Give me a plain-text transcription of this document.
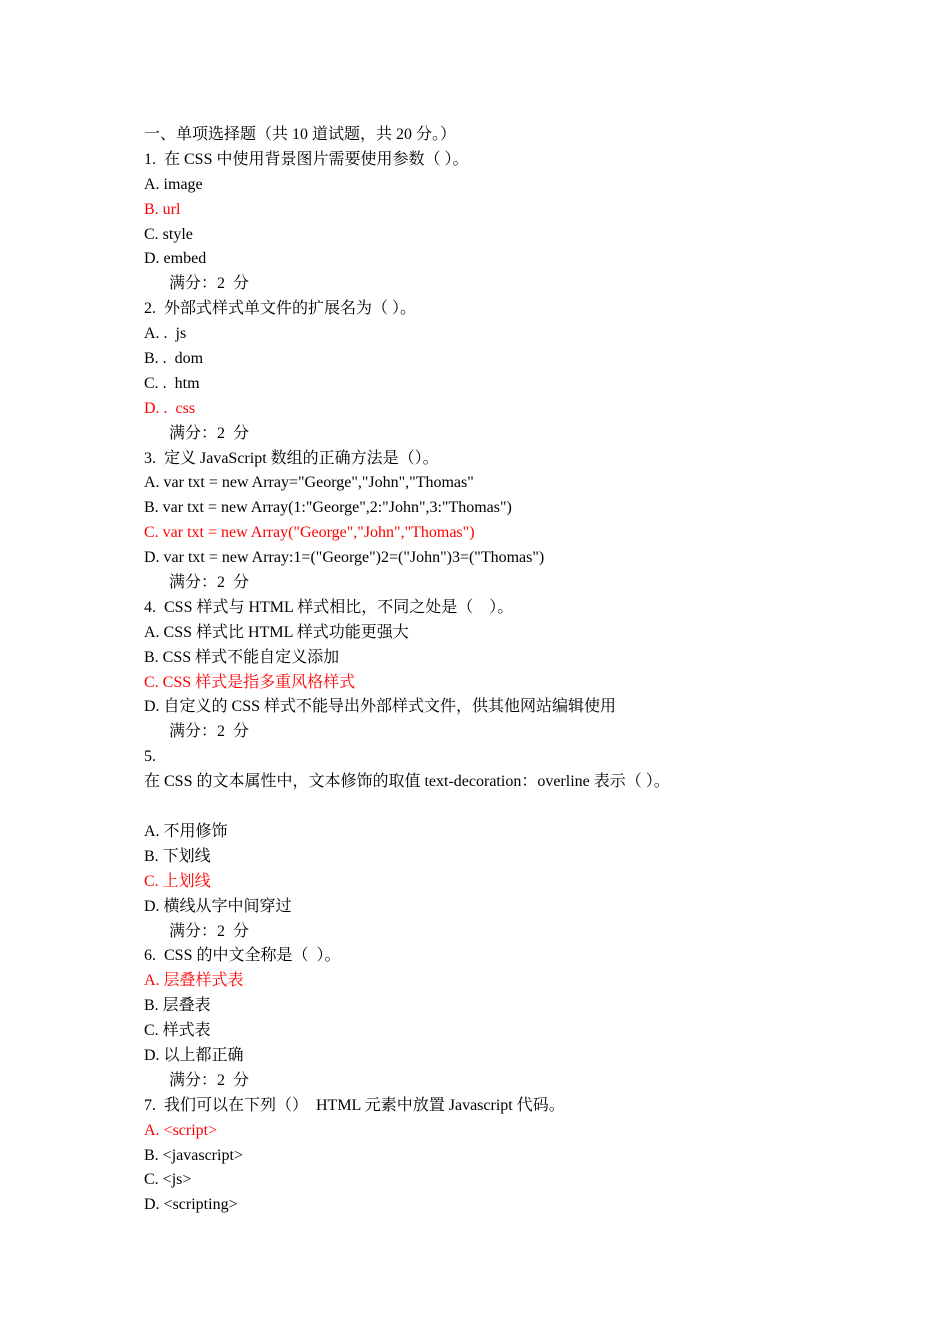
一、单项选择题（共 10 道试题，共 20 分。）
1.  在 CSS 中使用背景图片需要使用参数（ ）。
A. image
B. url
C. style
D. embed
满分：2  分
2.  外部式样式单文件的扩展名为（ ）。
A. .  js
B. .  dom
C. .  htm
D. .  css
满分：2  分
3.  定义 JavaScript 数组的正确方法是（）。
A. var txt = new Array="George","John","Thomas"
B. var txt = new Array(1:"George",2:"John",3:"Thomas")
C. var txt = new Array("George","John","Thomas")
D. var txt = new Array:1=("George")2=("John")3=("Thomas")
满分：2  分
4.  CSS 样式与 HTML 样式相比，不同之处是（    ）。
A. CSS 样式比 HTML 样式功能更强大
B. CSS 样式不能自定义添加
C. CSS 样式是指多重风格样式
D. 自定义的 CSS 样式不能导出外部样式文件，供其他网站编辑使用
满分：2  分
5.
在 CSS 的文本属性中，文本修饰的取值 text-decoration：overline 表示（ ）。
A. 不用修饰
B. 下划线
C. 上划线
D. 横线从字中间穿过
满分：2  分
6.  CSS 的中文全称是（  ）。
A. 层叠样式表
B. 层叠表
C. 样式表
D. 以上都正确
满分：2  分
7.  我们可以在下列（）  HTML 元素中放置 Javascript 代码。
A. <script>
B. <javascript>
C. <js>
D. <scripting>
